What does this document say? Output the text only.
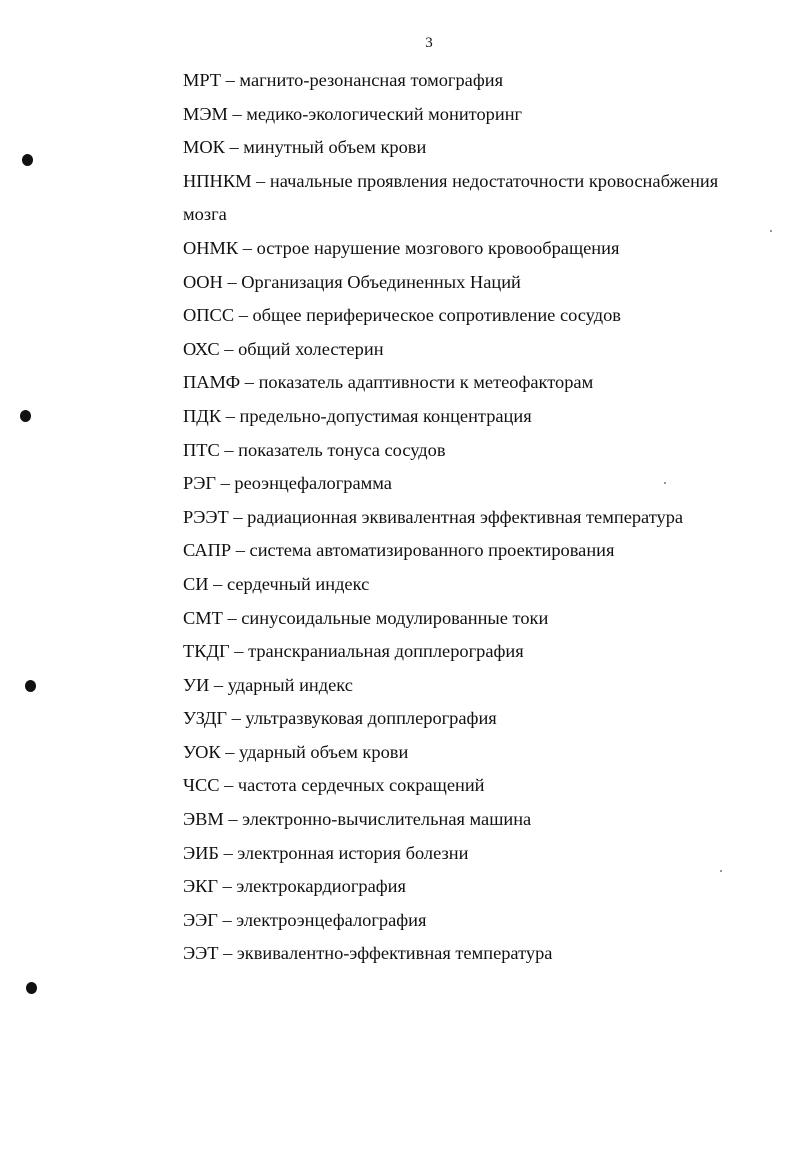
3
МРТ – магнито-резонансная томография
МЭМ – медико-экологический мониторинг
МОК – минутный объем крови
НПНКМ – начальные проявления недостаточности кровоснабжения мозга
ОНМК – острое нарушение мозгового кровообращения
ООН – Организация Объединенных Наций
ОПСС – общее периферическое сопротивление сосудов
ОХС – общий холестерин
ПАМФ – показатель адаптивности к метеофакторам
ПДК – предельно-допустимая концентрация
ПТС – показатель тонуса сосудов
РЭГ – реоэнцефалограмма
РЭЭТ – радиационная эквивалентная эффективная температура
САПР – система автоматизированного проектирования
СИ – сердечный индекс
СМТ – синусоидальные модулированные токи
ТКДГ – транскраниальная допплерография
УИ – ударный индекс
УЗДГ – ультразвуковая допплерография
УОК – ударный объем крови
ЧСС – частота сердечных сокращений
ЭВМ – электронно-вычислительная машина
ЭИБ – электронная история болезни
ЭКГ – электрокардиография
ЭЭГ – электроэнцефалография
ЭЭТ – эквивалентно-эффективная температура
